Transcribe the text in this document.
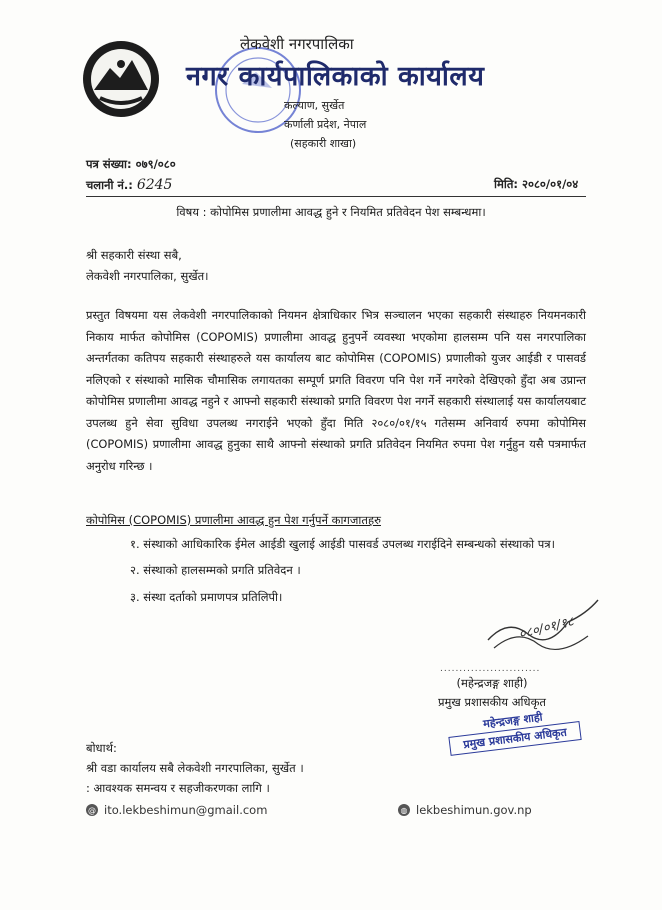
लेकवेशी नगरपालिका
नगर कार्यपालिकाको कार्यालय
कल्याण, सुर्खेत
कर्णाली प्रदेश, नेपाल
(सहकारी शाखा)
पत्र संख्या: ०७९/०८०
चलानी नं.: 6245	मिति: २०८०/०१/०४
विषय : कोपोमिस प्रणालीमा आवद्ध हुने र नियमित प्रतिवेदन पेश सम्बन्धमा।
श्री सहकारी संस्था सबै,
लेकवेशी नगरपालिका, सुर्खेत।
प्रस्तुत विषयमा यस लेकवेशी नगरपालिकाको नियमन क्षेत्राधिकार भित्र सञ्चालन भएका सहकारी संस्थाहरु नियमनकारी निकाय मार्फत कोपोमिस (COPOMIS) प्रणालीमा आवद्ध हुनुपर्ने व्यवस्था भएकोमा हालसम्म पनि यस नगरपालिका अन्तर्गतका कतिपय सहकारी संस्थाहरुले यस कार्यालय बाट कोपोमिस (COPOMIS) प्रणालीको युजर आईडी र पासवर्ड नलिएको र संस्थाको मासिक चौमासिक लगायतका सम्पूर्ण प्रगति विवरण पनि पेश गर्ने नगरेको देखिएको हुँदा अब उप्रान्त कोपोमिस प्रणालीमा आवद्ध नहुने र आफ्नो सहकारी संस्थाको प्रगति विवरण पेश नगर्ने सहकारी संस्थालाई यस कार्यालयबाट उपलब्ध हुने सेवा सुविधा उपलब्ध नगराईने भएको हुँदा मिति २०८०/०१/१५ गतेसम्म अनिवार्य रुपमा कोपोमिस (COPOMIS) प्रणालीमा आवद्ध हुनुका साथै आफ्नो संस्थाको प्रगति प्रतिवेदन नियमित रुपमा पेश गर्नुहुन यसै पत्रमार्फत अनुरोध गरिन्छ ।
कोपोमिस (COPOMIS) प्रणालीमा आवद्ध हुन पेश गर्नुपर्ने कागजातहरु
१. संस्थाको आधिकारिक ईमेल आईडी खुलाई आईडी पासवर्ड उपलब्ध गराईदिने सम्बन्धको संस्थाको पत्र।
२. संस्थाको हालसम्मको प्रगति प्रतिवेदन ।
३. संस्था दर्ताको प्रमाणपत्र प्रतिलिपी।
०८०/०१/१८
..........................
(महेन्द्रजङ्ग शाही)
प्रमुख प्रशासकीय अधिकृत
महेन्द्रजङ्ग शाही
प्रमुख प्रशासकीय अधिकृत
बोधार्थ:
श्री वडा कार्यालय सबै लेकवेशी नगरपालिका, सुर्खेत ।
: आवश्यक समन्वय र सहजीकरणका लागि ।
@ ito.lekbeshimun@gmail.com	◍ lekbeshimun.gov.np
